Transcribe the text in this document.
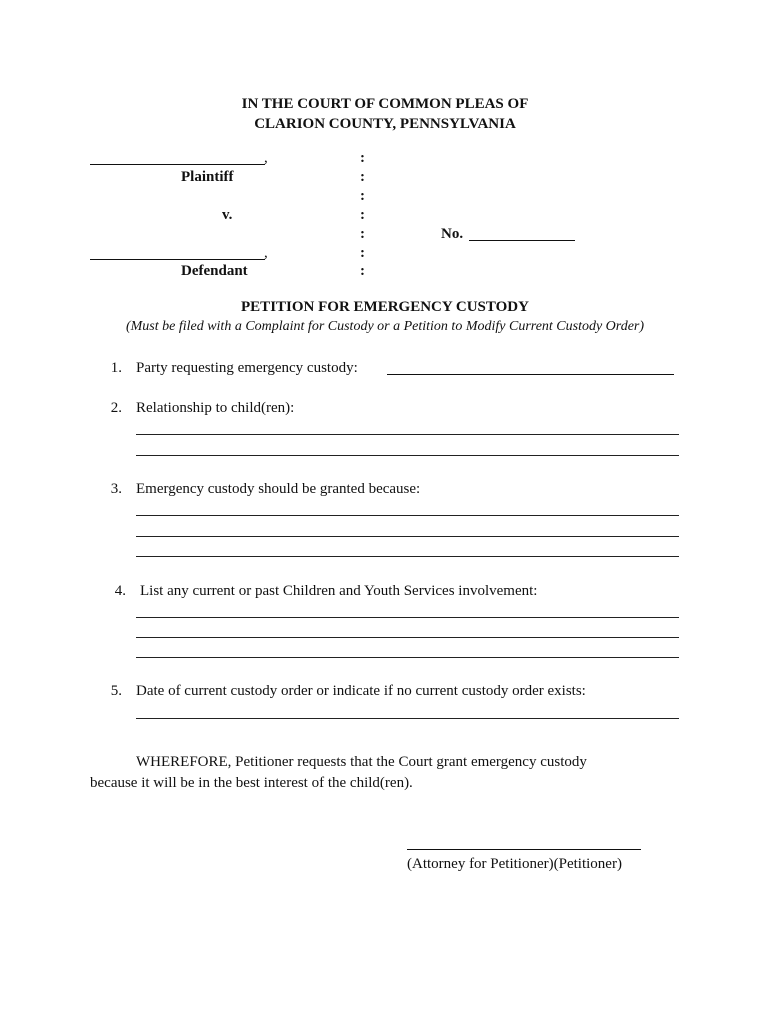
IN THE COURT OF COMMON PLEAS OF
CLARION COUNTY, PENNSYLVANIA
,
Plaintiff
v.
,
Defendant
:
:
:
:
:
:
:
No.
PETITION FOR EMERGENCY CUSTODY
(Must be filed with a Complaint for Custody or a Petition to Modify Current Custody Order)
1. Party requesting emergency custody:
2. Relationship to child(ren):
3. Emergency custody should be granted because:
4. List any current or past Children and Youth Services involvement:
5. Date of current custody order or indicate if no current custody order exists:
WHEREFORE, Petitioner requests that the Court grant emergency custody
because it will be in the best interest of the child(ren).
(Attorney for Petitioner)(Petitioner)
